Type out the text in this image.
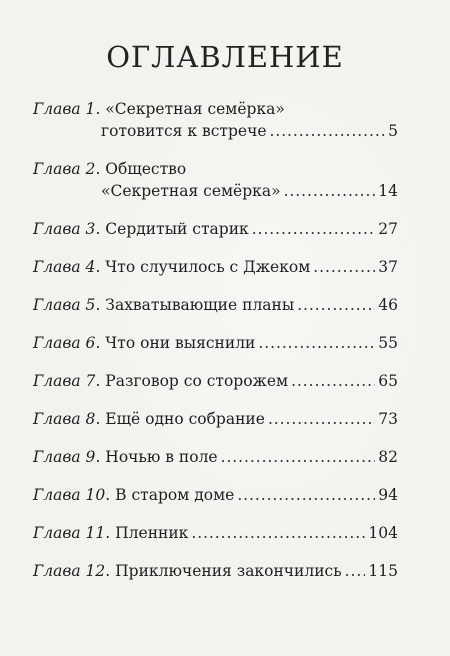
ОГЛАВЛЕНИЕ
Глава 1 . «Секретная семёрка»
готовится к встрече . . .	5
Глава 2 . Общество
«Секретная семёрка» . . .	14
Глава 3 . Сердитый старик . . .	27
Глава 4 . Что случилось с Джеком . . .	37
Глава 5 . Захватывающие планы . . .	46
Глава 6 . Что они выяснили . . .	55
Глава 7 . Разговор со сторожем . . .	65
Глава 8 . Ещё одно собрание . . .	73
Глава 9 . Ночью в поле . . .	82
Глава 10 . В старом доме . . .	94
Глава 11 . Пленник . . .	104
Глава 12 . Приключения закончились . . . 115
